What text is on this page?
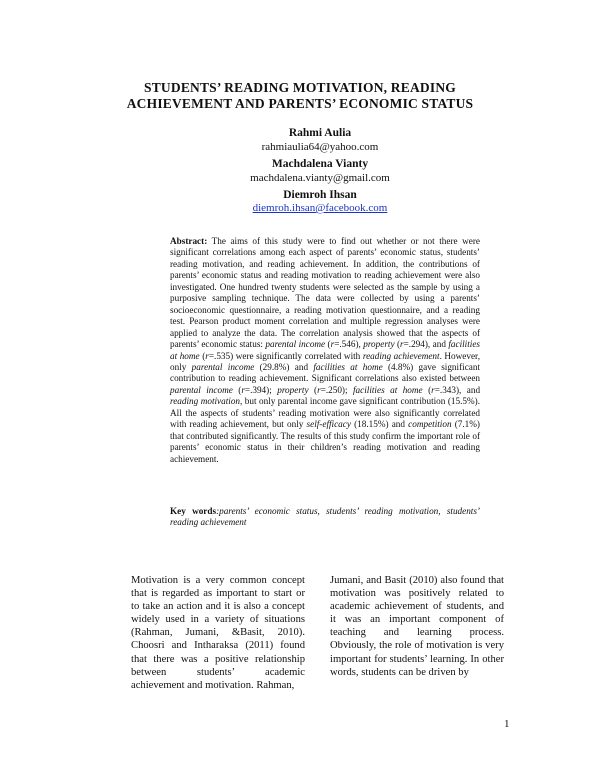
STUDENTS’ READING MOTIVATION, READING
ACHIEVEMENT AND PARENTS’ ECONOMIC STATUS
Rahmi Aulia
rahmiaulia64@yahoo.com
Machdalena Vianty
machdalena.vianty@gmail.com
Diemroh Ihsan
diemroh.ihsan@facebook.com
Abstract: The aims of this study were to find out whether or not there were significant correlations among each aspect of parents’ economic status, students’ reading motivation, and reading achievement. In addition, the contributions of parents’ economic status and reading motivation to reading achievement were also investigated. One hundred twenty students were selected as the sample by using a purposive sampling technique. The data were collected by using a parents’ socioeconomic questionnaire, a reading motivation questionnaire, and a reading test. Pearson product moment correlation and multiple regression analyses were applied to analyze the data. The correlation analysis showed that the aspects of parents’ economic status: parental income (r=.546), property (r=.294), and facilities at home (r=.535) were significantly correlated with reading achievement. However, only parental income (29.8%) and facilities at home (4.8%) gave significant contribution to reading achievement. Significant correlations also existed between parental income (r=.394); property (r=.250); facilities at home (r=.343), and reading motivation, but only parental income gave significant contribution (15.5%). All the aspects of students’ reading motivation were also significantly correlated with reading achievement, but only self-efficacy (18.15%) and competition (7.1%) that contributed significantly. The results of this study confirm the important role of parents’ economic status in their children’s reading motivation and reading achievement.
Key words:parents’ economic status, students’ reading motivation, students’ reading achievement
Motivation is a very common concept that is regarded as important to start or to take an action and it is also a concept widely used in a variety of situations (Rahman, Jumani, &Basit, 2010). Choosri and Intharaksa (2011) found that there was a positive relationship between students’ academic achievement and motivation. Rahman,
Jumani, and Basit (2010) also found that motivation was positively related to academic achievement of students, and it was an important component of teaching and learning process. Obviously, the role of motivation is very important for students’ learning. In other words, students can be driven by
1
